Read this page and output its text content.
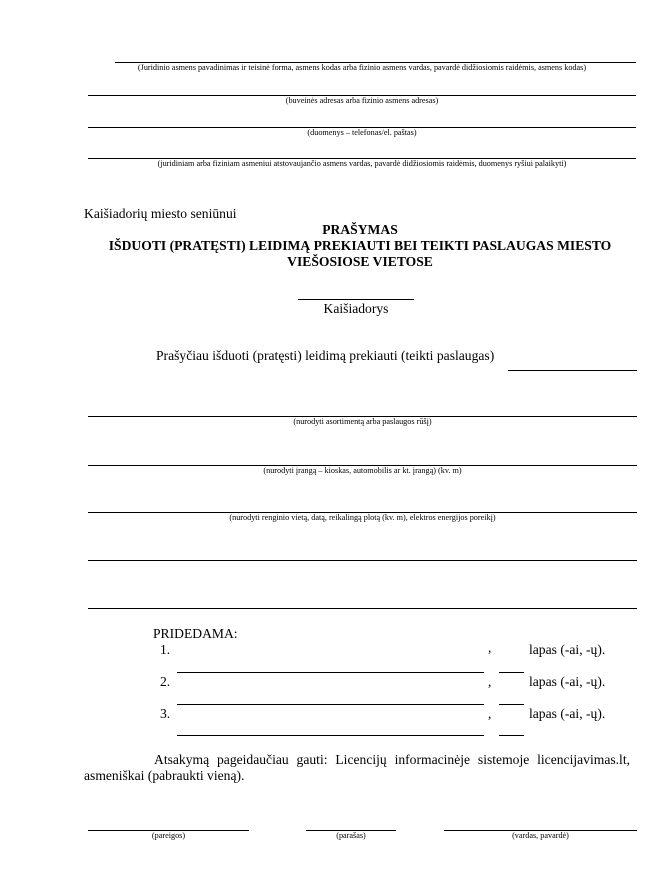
(Juridinio asmens pavadinimas ir teisinė forma, asmens kodas arba fizinio asmens vardas, pavardė didžiosiomis raidėmis, asmens kodas)
(buveinės adresas arba fizinio asmens adresas)
(duomenys – telefonas/el. paštas)
(juridiniam arba fiziniam asmeniui atstovaujančio asmens vardas, pavardė didžiosiomis raidėmis, duomenys ryšiui palaikyti)
Kaišiadorių miesto seniūnui
PRAŠYMAS
IŠDUOTI (PRATĘSTI) LEIDIMĄ PREKIAUTI BEI TEIKTI PASLAUGAS MIESTO
VIEŠOSIOSE VIETOSE
Kaišiadorys
Prašyčiau išduoti (pratęsti) leidimą prekiauti (teikti paslaugas)
(nurodyti asortimentą arba paslaugos rūšį)
(nurodyti įrangą – kioskas, automobilis ar kt. įrangą) (kv. m)
(nurodyti renginio vietą, datą, reikalingą plotą (kv. m), elektros energijos poreikį)
PRIDEDAMA:
1.	,	lapas (-ai, -ų).
2.	,	lapas (-ai, -ų).
3.	,	lapas (-ai, -ų).
Atsakymą pageidaučiau gauti: Licencijų informacinėje sistemoje licencijavimas.lt,
asmeniškai (pabraukti vieną).
(pareigos)	(parašas)	(vardas, pavardė)
